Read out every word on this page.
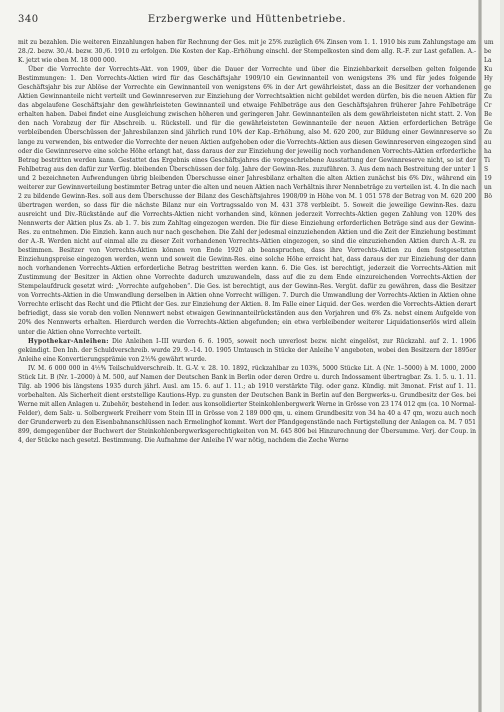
340	Erzbergwerke und Hüttenbetriebe.

mit zu bezahlen. Die weiteren Einzahlungen haben für Rechnung der Ges. mit je 25% zuzüglich 6% Zinsen vom 1. 1. 1910 bis zum Zahlungstage am 28./2. bezw. 30./4. bezw. 30./6. 1910 zu erfolgen. Die Kosten der Kap.-Erhöhung einschl. der Stempelkosten sind dem allg. R.-F. zur Last gefallen. A.-K. jetzt wie oben M. 18 000 000.

Über die Vorrechte der Vorrechts-Akt. von 1909, über die Dauer der Vorrechte und über die Einziehbarkeit derselben gelten folgende Bestimmungen: 1. Den Vorrechts-Aktien wird für das Geschäftsjahr 1909/10 ein Gewinnanteil von wenigstens 3% und für jedes folgende Geschäftsjahr bis zur Ablöse der Vorrechte ein Gewinnanteil von wenigstens 6% in der Art gewährleistet, dass an die Besitzer der vorhandenen Aktien Gewinnanteile nicht verteilt und Gewinnreserven zur Einziehung der Vorrechtsaktien nicht gebildet werden dürfen, bis die neuen Aktien für das abgelaufene Geschäftsjahr den gewährleisteten Gewinnanteil und etwaige Fehlbeträge aus den Geschäftsjahren früherer Jahre Fehlbeträge erhalten haben. Dabei findet eine Ausgleichung zwischen höheren und geringeren Jahr. Gewinnanteilen als dem gewährleisteten nicht statt. 2. Von den nach Vorabzug der für Abschreib. u. Rückstell. und für die gewährleisteten Gewinnanteile der neuen Aktien erforderlichen Beträge verbleibenden Überschüssen der Jahresbilanzen sind jährlich rund 10% der Kap.-Erhöhung, also M. 620 200, zur Bildung einer Gewinnreserve so lange zu verwenden, bis entweder die Vorrechte der neuen Aktien aufgehoben oder die Vorrechts-Aktien aus diesen Gewinnreserven eingezogen sind oder die Gewinnreserve eine solche Höhe erlangt hat, dass daraus der zur Einziehung der jeweilig noch vorhandenen Vorrechts-Aktien erforderliche Betrag bestritten werden kann. Gestattet das Ergebnis eines Geschäftsjahres die vorgeschriebene Ausstattung der Gewinnreserve nicht, so ist der Fehlbetrag aus den dafür zur Verfüg. bleibenden Überschüssen der folg. Jahre der Gewinn-Res. zuzuführen. 3. Aus dem nach Bestreitung der unter 1 und 2 bezeichneten Aufwendungen übrig bleibenden Überschusse einer Jahresbilanz erhalten die alten Aktien zunächst bis 6% Div., während ein weiterer zur Gewinnverteilung bestimmter Betrag unter die alten und neuen Aktien nach Verhältnis ihrer Nennbeträge zu verteilen ist. 4. In die nach 2 zu bildende Gewinn-Res. soll aus dem Überschusse der Bilanz des Geschäftsjahres 1908/09 in Höhe von M. 1 051 578 der Betrag von M. 620 200 übertragen werden, so dass für die nächste Bilanz nur ein Vortragssaldo von M. 431 378 verbleibt. 5. Soweit die jeweilige Gewinn-Res. dazu ausreicht und Div.-Rückstände auf die Vorrechts-Aktien nicht vorhanden sind, können jederzeit Vorrechts-Aktien gegen Zahlung von 120% des Nennwerts der Aktien plus Zs. ab 1. 7. bis zum Zahltag eingezogen werden. Die für diese Einziehung erforderlichen Beträge sind aus der Gewinn-Res. zu entnehmen. Die Einzieh. kann auch nur nach geschehen. Die Zahl der jedesmal einzuziehenden Aktien und die Zeit der Einziehung bestimmt der A.-R. Werden nicht auf einmal alle zu dieser Zeit vorhandenen Vorrechts-Aktien eingezogen, so sind die einzuziehenden Aktien durch A.-R. zu bestimmen. Besitzer von Vorrechts-Aktien können von Ende 1920 ab beanspruchen, dass ihre Vorrechts-Aktien zu dem festgesetzten Einziehungspreise eingezogen werden, wenn und soweit die Gewinn-Res. eine solche Höhe erreicht hat, dass daraus der zur Einziehung der dann noch vorhandenen Vorrechts-Aktien erforderliche Betrag bestritten werden kann. 6. Die Ges. ist berechtigt, jederzeit die Vorrechts-Aktien mit Zustimmung der Besitzer in Aktien ohne Vorrechte dadurch umzuwandeln, dass auf die zu dem Ende einzureichenden Vorrechts-Aktien der Stempelaufdruck gesetzt wird: „Vorrechte aufgehoben“. Die Ges. ist berechtigt, aus der Gewinn-Res. Vergüt. dafür zu gewähren, dass die Besitzer von Vorrechts-Aktien in die Umwandlung derselben in Aktien ohne Vorrecht willigen. 7. Durch die Umwandlung der Vorrechts-Aktien in Aktien ohne Vorrechte erlischt das Recht und die Pflicht der Ges. zur Einziehung der Aktien. 8. Im Falle einer Liquid. der Ges. werden die Vorrechts-Aktien derart befriedigt, dass sie vorab den vollen Nennwert nebst etwaigen Gewinnanteilrückständen aus den Vorjahren und 6% Zs. nebst einem Aufgelde von 20% des Nennwerts erhalten. Hierdurch werden die Vorrechts-Aktien abgefunden; ein etwa verbleibender weiterer Liquidationserlös wird allein unter die Aktien ohne Vorrechte verteilt.

Hypothekar-Anleihen: Die Anleihen I–III wurden 6. 6. 1905, soweit noch unverlost bezw. nicht eingelöst, zur Rückzahl. auf 2. 1. 1906 gekündigt. Den Inh. der Schuldverschreib. wurde 29. 9.–14. 10. 1905 Umtausch in Stücke der Anleihe V angeboten, wobei den Besitzern der 1895er Anleihe eine Konvertierungsprämie von 2½% gewährt wurde.

IV. M. 6 000 000 in 4½% Teilschuldverschreib. lt. G.-V. v. 28. 10. 1892, rückzahlbar zu 103%, 5000 Stücke Lit. A (Nr. 1–5000) à M. 1000, 2000 Stück Lit. B (Nr. 1–2000) à M. 500, auf Namen der Deutschen Bank in Berlin oder deren Ordre u. durch Indossament übertragbar. Zs. 1. 5. u. 1. 11. Tilg. ab 1906 bis längstens 1935 durch jährl. Ausl. am 15. 6. auf 1. 11.; ab 1910 verstärkte Tilg. oder ganz. Kündig. mit 3monat. Frist auf 1. 11. vorbehalten. Als Sicherheit dient erststellige Kautions-Hyp. zu gunsten der Deutschen Bank in Berlin auf den Bergwerks-u. Grundbesitz der Ges. bei Werne mit allen Anlagen u. Zubehör, bestehend in Ieder. aus konsolidierter Steinkohlenbergwerk Werne in Grösse von 23 174 012 qm (ca. 10 Normal-Felder), dem Salz- u. Solbergwerk Freiherr vom Stein III in Grösse von 2 189 000 qm, u. einem Grundbesitz von 34 ha 40 a 47 qm, wozu auch noch der Grunderwerb zu den Eisenbahnanschlüssen nach Ermelinghof kommt. Wert der Pfandgegenstände nach Fertigstellung der Anlagen ca. M. 7 051 899, demgegenüber der Buchwert der Steinkohlenbergwerksgerechtigkeiten von M. 645 806 bei Hinzurechnung der Übersumme. Verj. der Coup. in 4, der Stücke nach gesetzl. Bestimmung. Die Aufnahme der Anleihe IV war nötig, nachdem die Zeche Werne

um
be
La
Ku
Hy
ge
Zu
Cr
Be
Ge
Zu
au
ha
Ti
S
19
un
Bö
